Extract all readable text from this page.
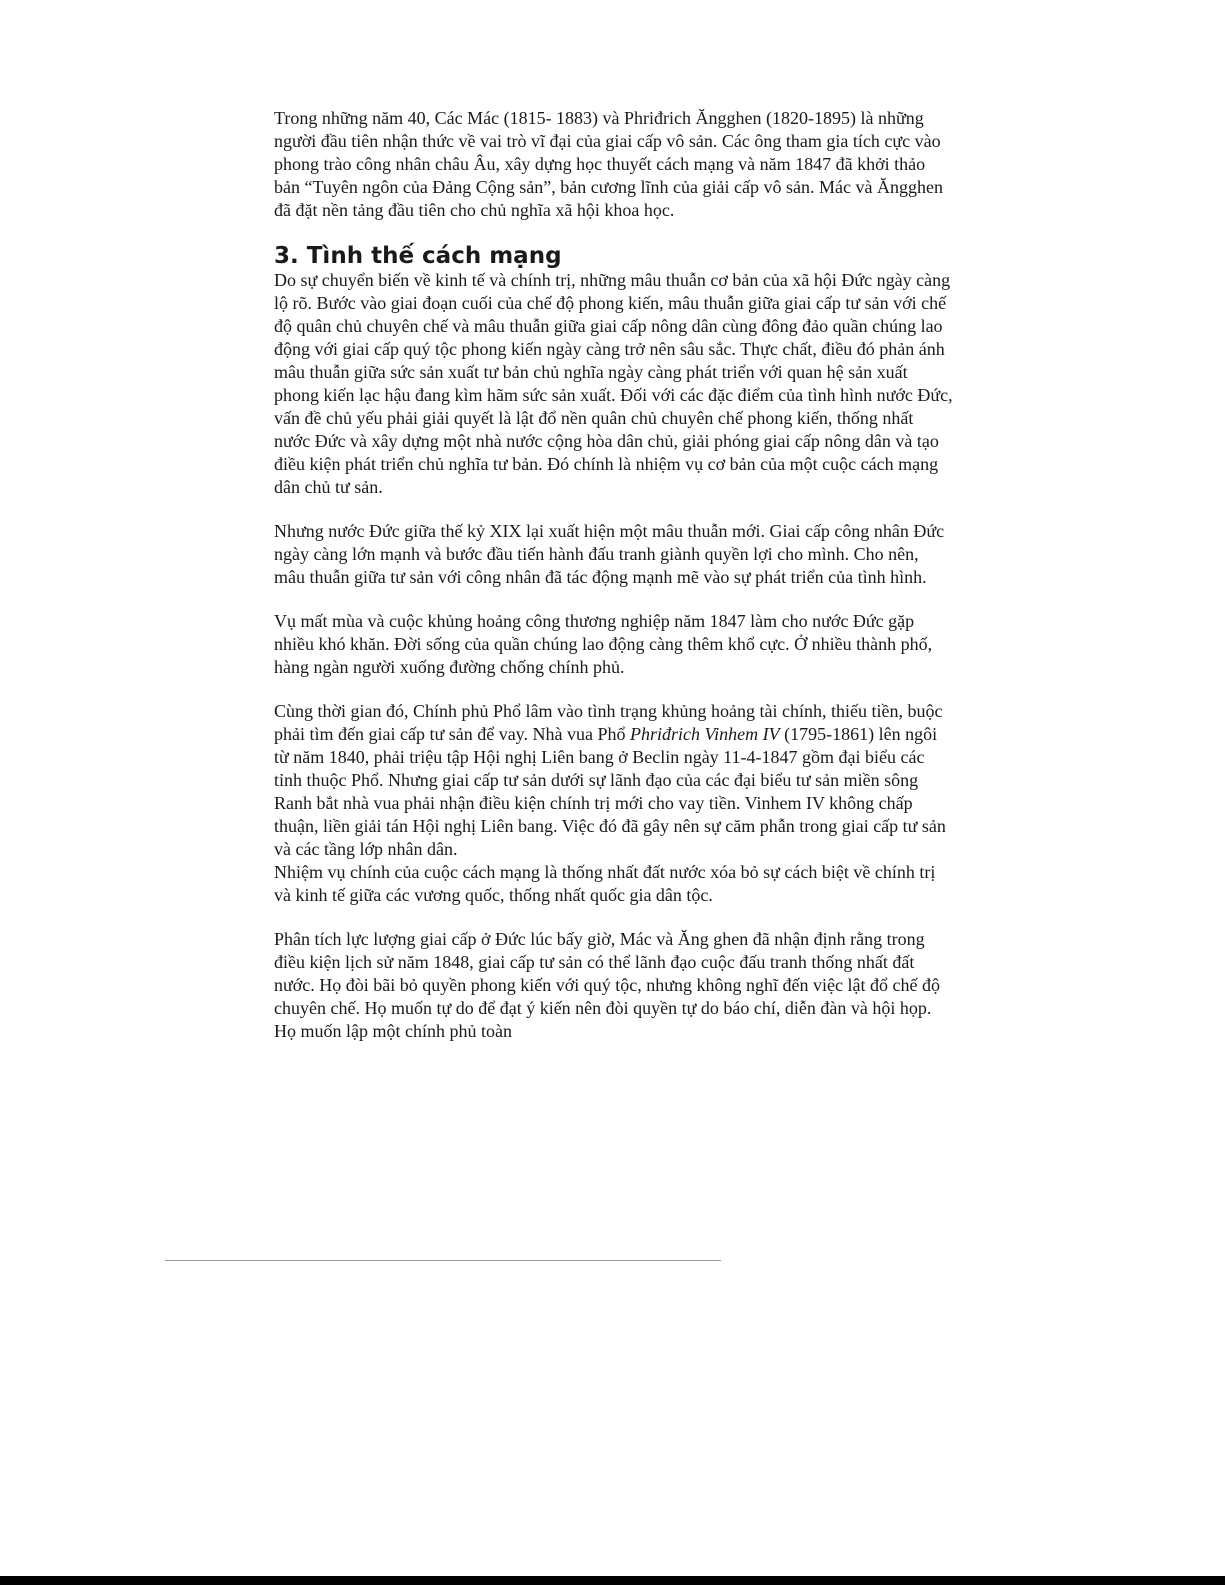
Trong những năm 40, Các Mác (1815- 1883) và Phriđrich Ăngghen (1820-1895) là những người đầu tiên nhận thức về vai trò vĩ đại của giai cấp vô sản. Các ông tham gia tích cực vào phong trào công nhân châu Âu, xây dựng học thuyết cách mạng và năm 1847 đã khởi thảo bản “Tuyên ngôn của Đảng Cộng sản”, bản cương lĩnh của giải cấp vô sản. Mác và Ăngghen đã đặt nền tảng đầu tiên cho chủ nghĩa xã hội khoa học.

3. Tình thế cách mạng

Do sự chuyển biến về kinh tế và chính trị, những mâu thuẫn cơ bản của xã hội Đức ngày càng lộ rõ. Bước vào giai đoạn cuối của chế độ phong kiến, mâu thuẫn giữa giai cấp tư sản với chế độ quân chủ chuyên chế và mâu thuẫn giữa giai cấp nông dân cùng đông đảo quần chúng lao động với giai cấp quý tộc phong kiến ngày càng trở nên sâu sắc. Thực chất, điều đó phản ánh mâu thuẫn giữa sức sản xuất tư bản chủ nghĩa ngày càng phát triển với quan hệ sản xuất phong kiến lạc hậu đang kìm hãm sức sản xuất. Đối với các đặc điểm của tình hình nước Đức, vấn đề chủ yếu phải giải quyết là lật đổ nền quân chủ chuyên chế phong kiến, thống nhất nước Đức và xây dựng một nhà nước cộng hòa dân chủ, giải phóng giai cấp nông dân và tạo điều kiện phát triển chủ nghĩa tư bản. Đó chính là nhiệm vụ cơ bản của một cuộc cách mạng dân chủ tư sản.

Nhưng nước Đức giữa thế kỷ XIX lại xuất hiện một mâu thuẫn mới. Giai cấp công nhân Đức ngày càng lớn mạnh và bước đầu tiến hành đấu tranh giành quyền lợi cho mình. Cho nên, mâu thuẫn giữa tư sản với công nhân đã tác động mạnh mẽ vào sự phát triển của tình hình.

Vụ mất mùa và cuộc khủng hoảng công thương nghiệp năm 1847 làm cho nước Đức gặp nhiều khó khăn. Đời sống của quần chúng lao động càng thêm khổ cực. Ở nhiều thành phố, hàng ngàn người xuống đường chống chính phủ.

Cùng thời gian đó, Chính phủ Phổ lâm vào tình trạng khủng hoảng tài chính, thiếu tiền, buộc phải tìm đến giai cấp tư sản để vay. Nhà vua Phổ Phriđrich Vinhem IV (1795-1861) lên ngôi từ năm 1840, phải triệu tập Hội nghị Liên bang ở Beclin ngày 11-4-1847 gồm đại biểu các tỉnh thuộc Phổ. Nhưng giai cấp tư sản dưới sự lãnh đạo của các đại biểu tư sản miền sông Ranh bắt nhà vua phải nhận điều kiện chính trị mới cho vay tiền. Vinhem IV không chấp thuận, liền giải tán Hội nghị Liên bang. Việc đó đã gây nên sự căm phẫn trong giai cấp tư sản và các tầng lớp nhân dân.

Nhiệm vụ chính của cuộc cách mạng là thống nhất đất nước xóa bỏ sự cách biệt về chính trị và kinh tế giữa các vương quốc, thống nhất quốc gia dân tộc.

Phân tích lực lượng giai cấp ở Đức lúc bấy giờ, Mác và Ăng ghen đã nhận định rằng trong điều kiện lịch sử năm 1848, giai cấp tư sản có thể lãnh đạo cuộc đấu tranh thống nhất đất nước. Họ đòi bãi bỏ quyền phong kiến với quý tộc, nhưng không nghĩ đến việc lật đổ chế độ chuyên chế. Họ muốn tự do để đạt ý kiến nên đòi quyền tự do báo chí, diễn đàn và hội họp. Họ muốn lập một chính phủ toàn
